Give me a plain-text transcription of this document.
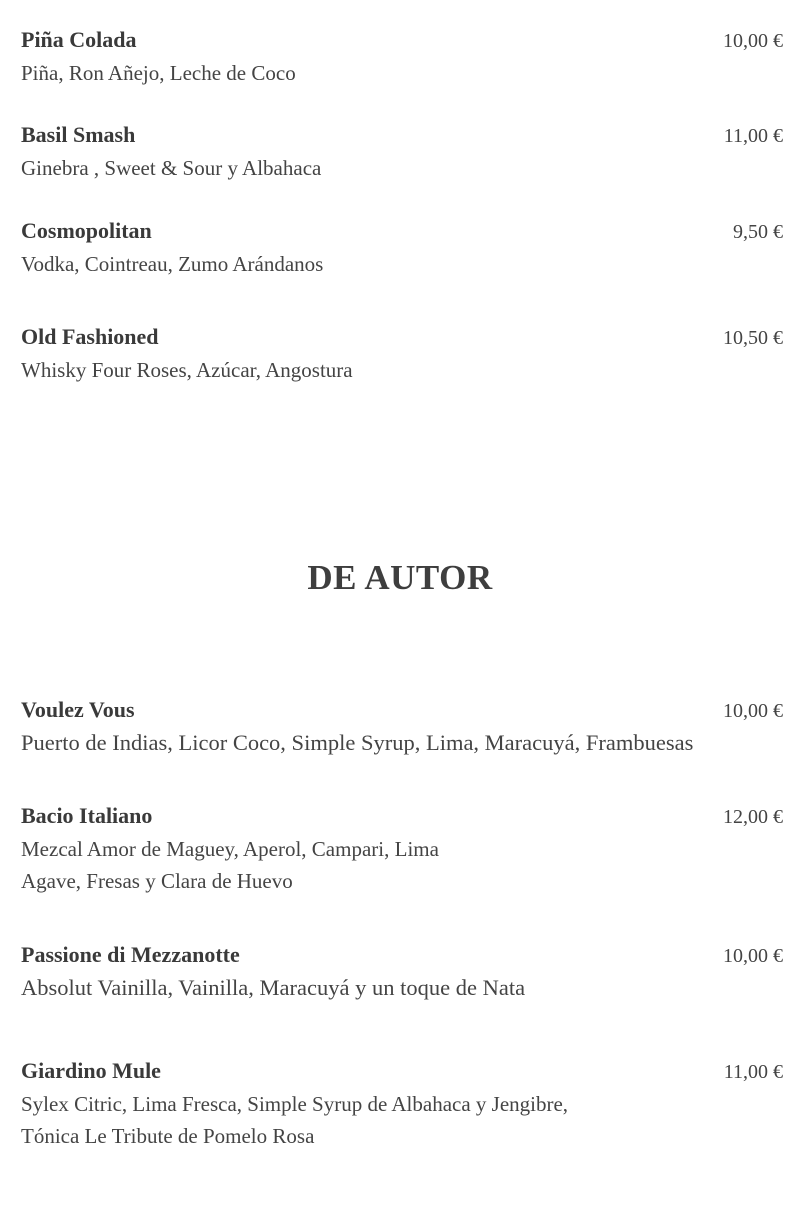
Piña Colada	10,00 €
Piña, Ron Añejo, Leche de Coco
Basil Smash	11,00 €
Ginebra , Sweet & Sour y Albahaca
Cosmopolitan	9,50 €
Vodka, Cointreau, Zumo Arándanos
Old Fashioned	10,50 €
Whisky Four Roses, Azúcar, Angostura
DE AUTOR
Voulez Vous	10,00 €
Puerto de Indias, Licor Coco, Simple Syrup, Lima, Maracuyá, Frambuesas
Bacio Italiano	12,00 €
Mezcal Amor de Maguey, Aperol, Campari, Lima
Agave, Fresas y Clara de Huevo
Passione di Mezzanotte	10,00 €
Absolut Vainilla, Vainilla, Maracuyá y un toque de Nata
Giardino Mule	11,00 €
Sylex Citric, Lima Fresca, Simple Syrup de Albahaca y Jengibre,
Tónica Le Tribute de Pomelo Rosa
